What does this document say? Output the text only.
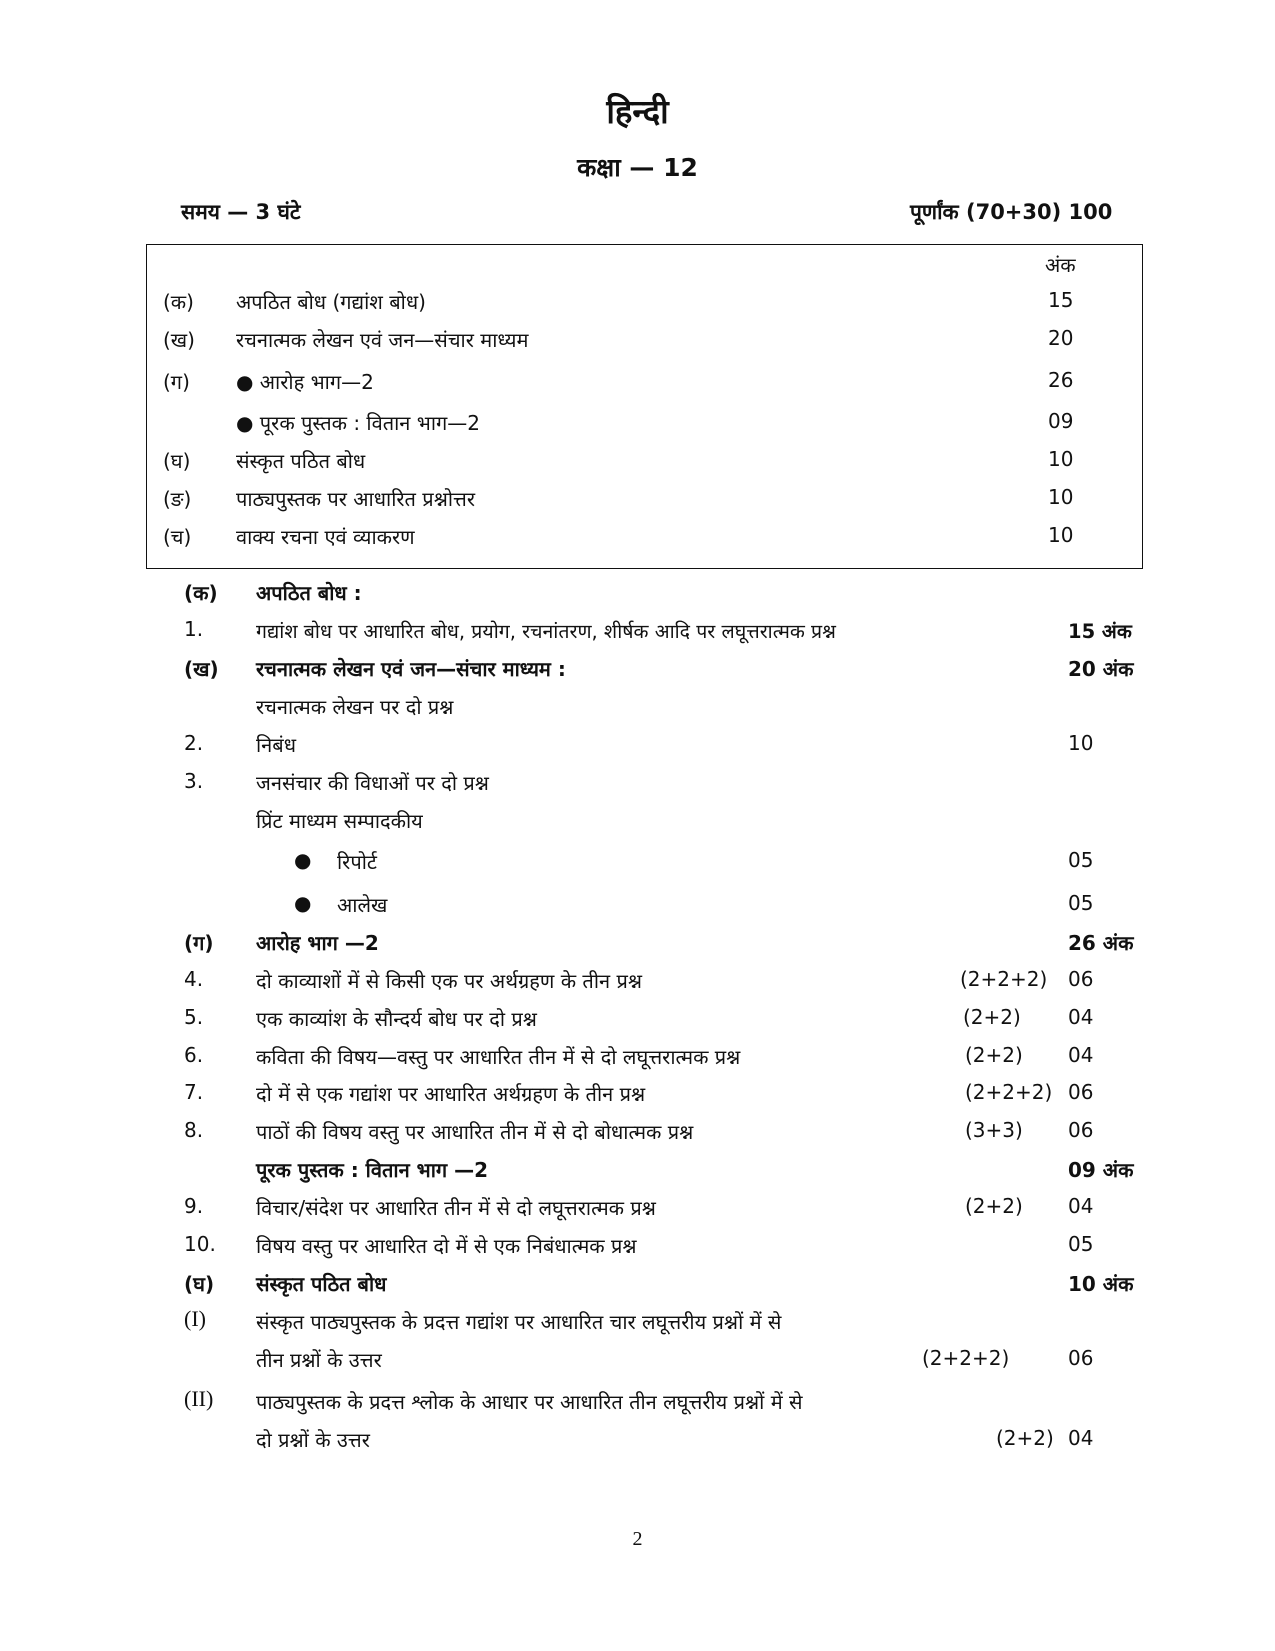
हिन्दी
कक्षा — 12
समय — 3 घंटे	पूर्णांक (70+30) 100
अंक
(क) अपठित बोध (गद्यांश बोध)	15
(ख) रचनात्मक लेखन एवं जन—संचार माध्यम	20
(ग) ● आरोह भाग—2	26
● पूरक पुस्तक : वितान भाग—2	09
(घ) संस्कृत पठित बोध	10
(ङ) पाठ्यपुस्तक पर आधारित प्रश्नोत्तर	10
(च) वाक्य रचना एवं व्याकरण	10
(क) अपठित बोध :
1.	गद्यांश बोध पर आधारित बोध, प्रयोग, रचनांतरण, शीर्षक आदि पर लघूत्तरात्मक प्रश्न	15 अंक
(ख) रचनात्मक लेखन एवं जन—संचार माध्यम :	20 अंक
रचनात्मक लेखन पर दो प्रश्न
2.	निबंध	10
3.	जनसंचार की विधाओं पर दो प्रश्न
प्रिंट माध्यम सम्पादकीय
● रिपोर्ट	05
● आलेख	05
(ग) आरोह भाग —2	26 अंक
4.	दो काव्याशों में से किसी एक पर अर्थग्रहण के तीन प्रश्न	(2+2+2) 06
5.	एक काव्यांश के सौन्दर्य बोध पर दो प्रश्न	(2+2) 04
6.	कविता की विषय—वस्तु पर आधारित तीन में से दो लघूत्तरात्मक प्रश्न	(2+2) 04
7.	दो में से एक गद्यांश पर आधारित अर्थग्रहण के तीन प्रश्न	(2+2+2) 06
8.	पाठों की विषय वस्तु पर आधारित तीन में से दो बोधात्मक प्रश्न	(3+3) 06
पूरक पुस्तक : वितान भाग —2	09 अंक
9.	विचार/संदेश पर आधारित तीन में से दो लघूत्तरात्मक प्रश्न	(2+2) 04
10. विषय वस्तु पर आधारित दो में से एक निबंधात्मक प्रश्न	05
(घ) संस्कृत पठित बोध	10 अंक
(I)	संस्कृत पाठ्यपुस्तक के प्रदत्त गद्यांश पर आधारित चार लघूत्तरीय प्रश्नों में से
तीन प्रश्नों के उत्तर	(2+2+2)	06
(II) पाठ्यपुस्तक के प्रदत्त श्लोक के आधार पर आधारित तीन लघूत्तरीय प्रश्नों में से
दो प्रश्नों के उत्तर	(2+2) 04
2
